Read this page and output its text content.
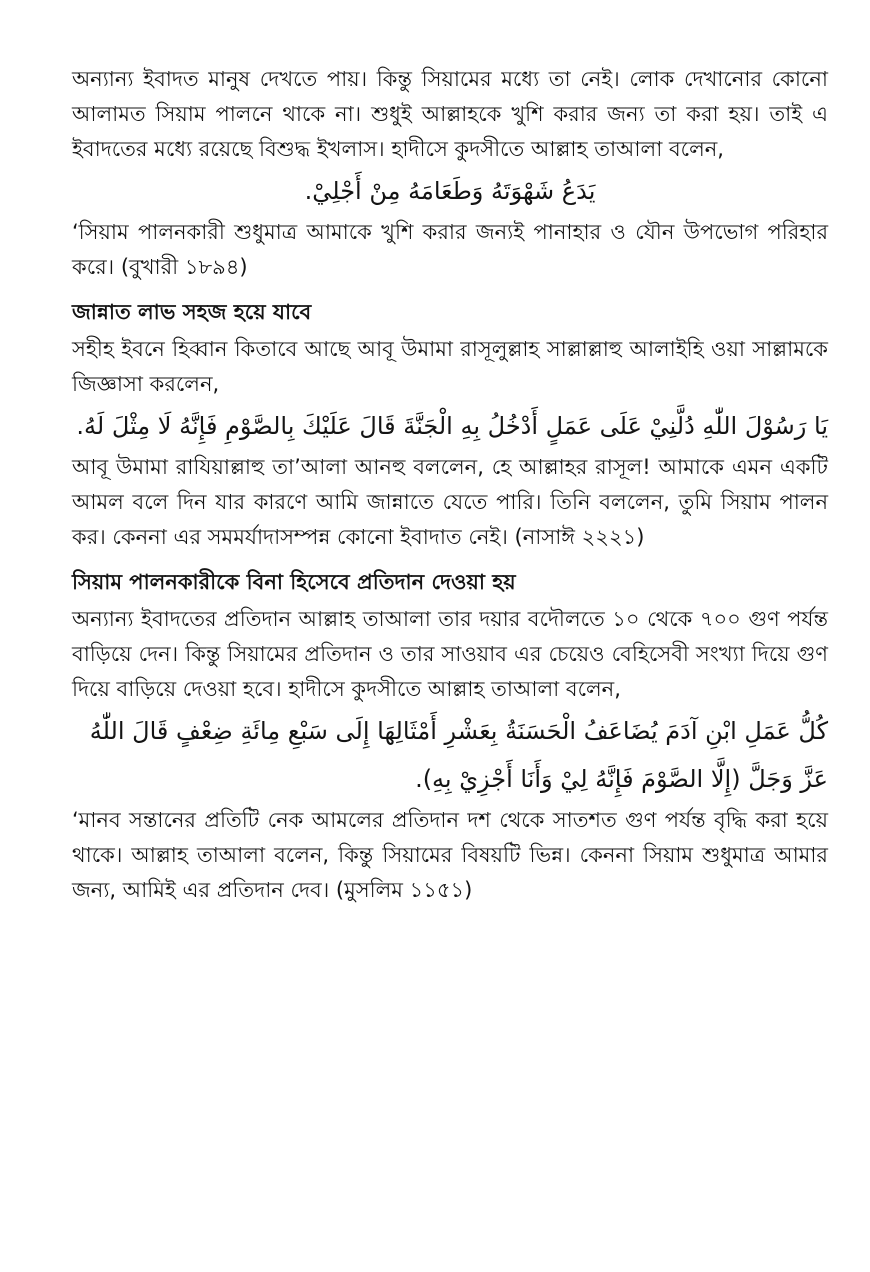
অন্যান্য ইবাদত মানুষ দেখতে পায়। কিন্তু সিয়ামের মধ্যে তা নেই। লোক দেখানোর কোনো আলামত সিয়াম পালনে থাকে না। শুধুই আল্লাহকে খুশি করার জন্য তা করা হয়। তাই এ ইবাদতের মধ্যে রয়েছে বিশুদ্ধ ইখলাস। হাদীসে কুদসীতে আল্লাহ তাআলা বলেন,

يَدَعُ شَهْوَتَهُ وَطَعَامَهُ مِنْ أَجْلِيْ.

‘সিয়াম পালনকারী শুধুমাত্র আমাকে খুশি করার জন্যই পানাহার ও যৌন উপভোগ পরিহার করে। (বুখারী ১৮৯৪)

জান্নাত লাভ সহজ হয়ে যাবে

সহীহ ইবনে হিব্বান কিতাবে আছে আবূ উমামা রাসূলুল্লাহ সাল্লাল্লাহু আলাইহি ওয়া সাল্লামকে জিজ্ঞাসা করলেন,

يَا رَسُوْلَ اللّٰهِ دُلَّنِيْ عَلَى عَمَلٍ أَدْخُلُ بِهِ الْجَنَّةَ قَالَ عَلَيْكَ بِالصَّوْمِ فَإِنَّهُ لَا مِثْلَ لَهُ.

আবূ উমামা রাযিয়াল্লাহু তা’আলা আনহু বললেন, হে আল্লাহর রাসূল! আমাকে এমন একটি আমল বলে দিন যার কারণে আমি জান্নাতে যেতে পারি। তিনি বললেন, তুমি সিয়াম পালন কর। কেননা এর সমমর্যাদাসম্পন্ন কোনো ইবাদাত নেই। (নাসাঈ ২২২১)

সিয়াম পালনকারীকে বিনা হিসেবে প্রতিদান দেওয়া হয়

অন্যান্য ইবাদতের প্রতিদান আল্লাহ তাআলা তার দয়ার বদৌলতে ১০ থেকে ৭০০ গুণ পর্যন্ত বাড়িয়ে দেন। কিন্তু সিয়ামের প্রতিদান ও তার সাওয়াব এর চেয়েও বেহিসেবী সংখ্যা দিয়ে গুণ দিয়ে বাড়িয়ে দেওয়া হবে। হাদীসে কুদসীতে আল্লাহ তাআলা বলেন,

كُلُّ عَمَلِ ابْنِ آدَمَ يُضَاعَفُ الْحَسَنَةُ بِعَشْرِ أَمْثَالِهَا إِلَى سَبْعِ مِائَةِ ضِعْفٍ قَالَ اللّٰهُ عَزَّ وَجَلَّ (إِلَّا الصَّوْمَ فَإِنَّهُ لِيْ وَأَنَا أَجْزِيْ بِهِ).

‘মানব সন্তানের প্রতিটি নেক আমলের প্রতিদান দশ থেকে সাতশত গুণ পর্যন্ত বৃদ্ধি করা হয়ে থাকে। আল্লাহ তাআলা বলেন, কিন্তু সিয়ামের বিষয়টি ভিন্ন। কেননা সিয়াম শুধুমাত্র আমার জন্য, আমিই এর প্রতিদান দেব। (মুসলিম ১১৫১)
